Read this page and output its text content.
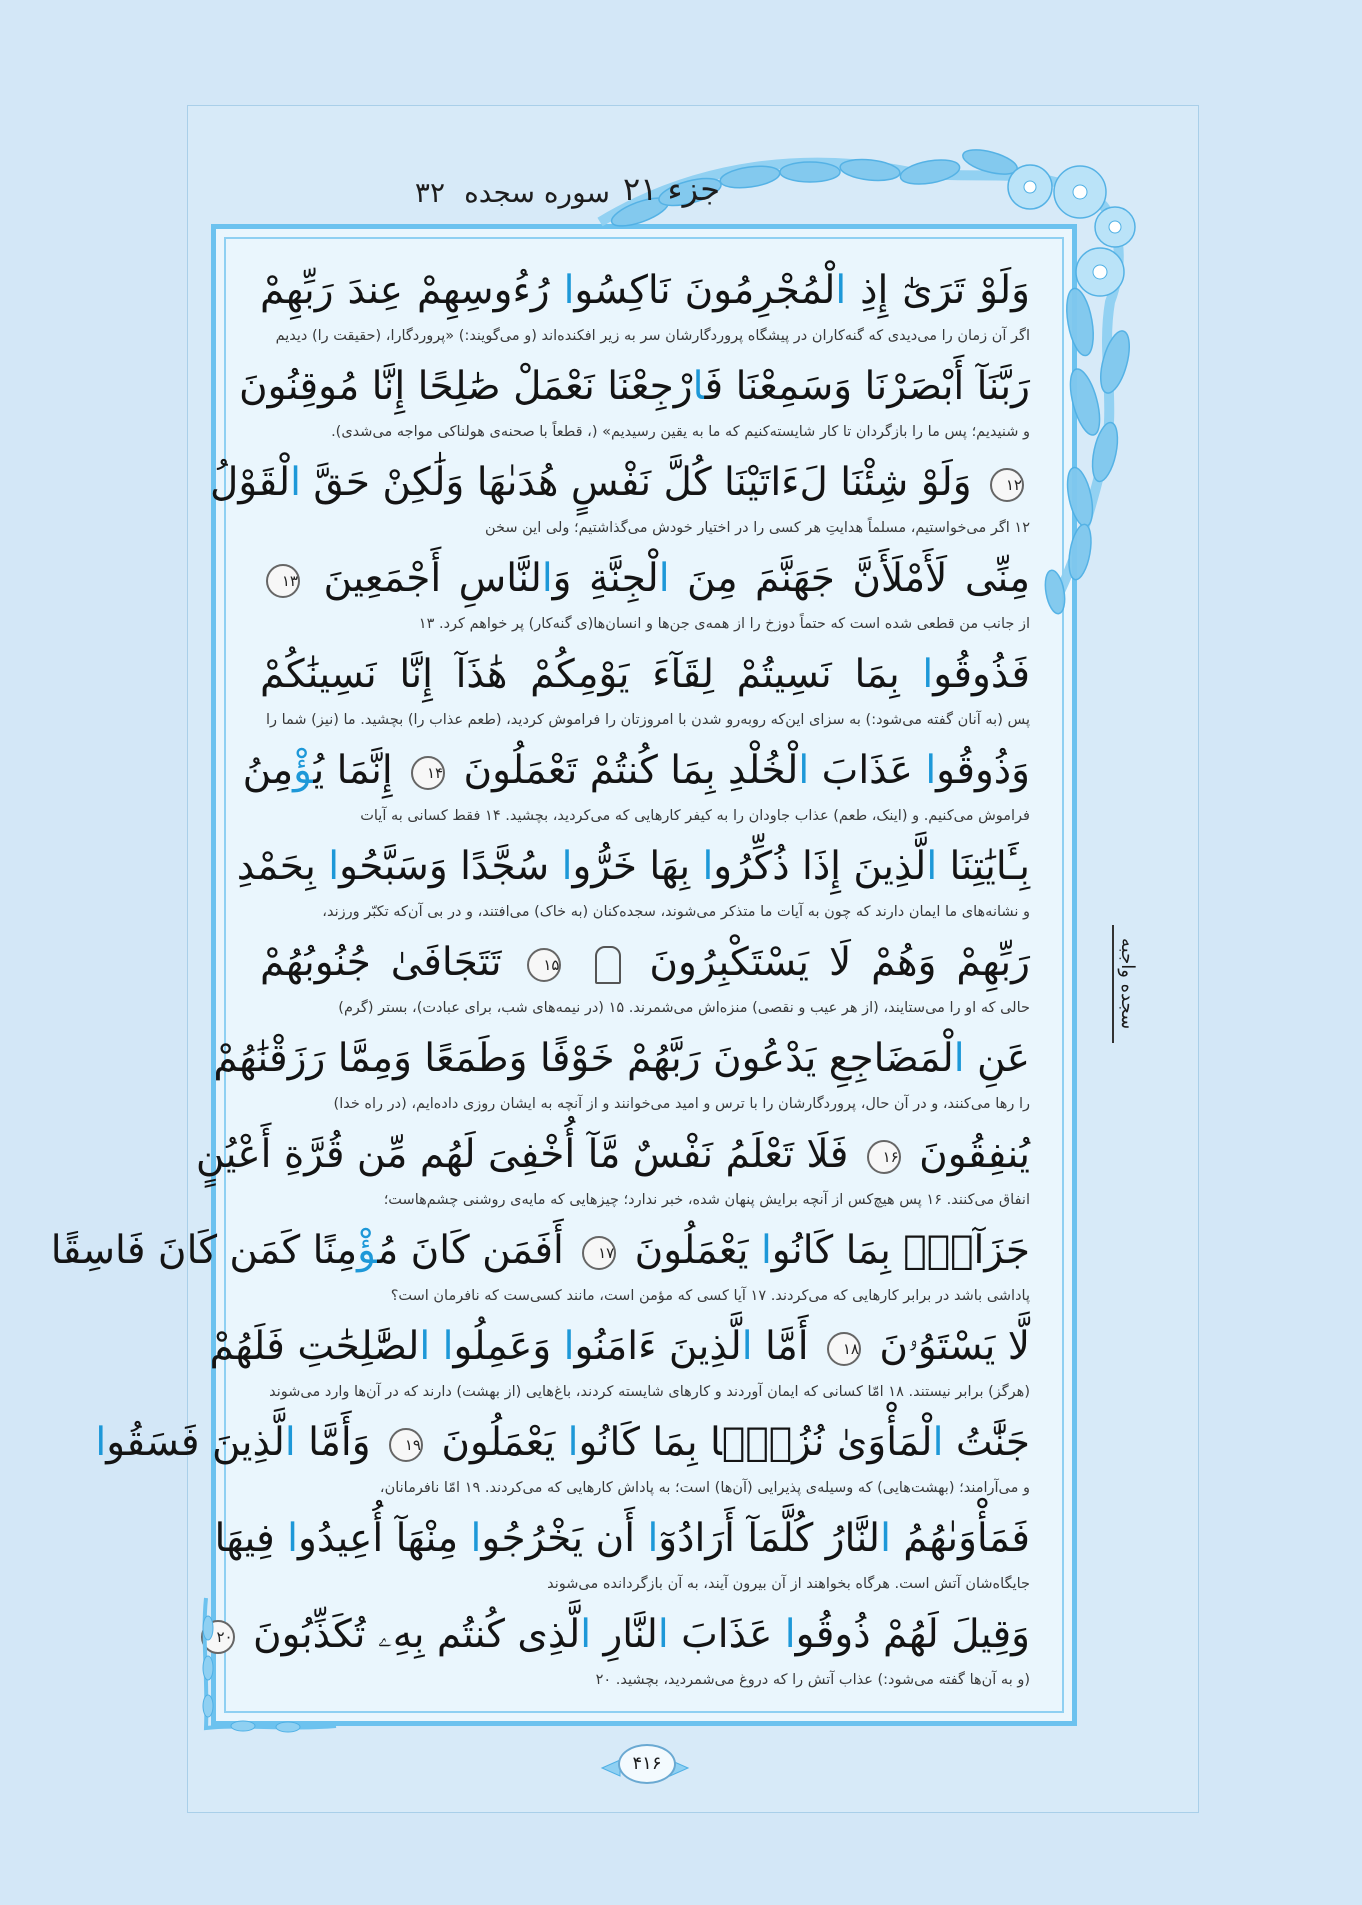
جزء ۲۱
سوره سجده
۳۲
وَلَوْ تَرَىٰٓ إِذِ الْمُجْرِمُونَ نَاكِسُوا رُءُوسِهِمْ عِندَ رَبِّهِمْ
اگر آن زمان را می‌دیدی که گنه‌کاران در پیشگاه پروردگارشان سر به زیر افکنده‌اند (و می‌گویند:) «پروردگارا، (حقیقت را) دیدیم
رَبَّنَآ أَبْصَرْنَا وَسَمِعْنَا فَارْجِعْنَا نَعْمَلْ صَٰلِحًا إِنَّا مُوقِنُونَ
و شنیدیم؛ پس ما را بازگردان تا کار شایسته‌کنیم که ما به یقین رسیدیم» (، قطعاً با صحنه‌ی هولناکی مواجه می‌شدی).
۱۲ وَلَوْ شِئْنَا لَءَاتَيْنَا كُلَّ نَفْسٍ هُدَىٰهَا وَلَٰكِنْ حَقَّ الْقَوْلُ
۱۲ اگر می‌خواستیم، مسلماً هدایتِ هر کسی را در اختیار خودش می‌گذاشتیم؛ ولی این سخن
مِنِّى لَأَمْلَأَنَّ جَهَنَّمَ مِنَ الْجِنَّةِ وَالنَّاسِ أَجْمَعِينَ ۱۳
از جانب من قطعی شده است که حتماً دوزخ را از همه‌ی جن‌ها و انسان‌ها(ی گنه‌کار) پر خواهم کرد. ۱۳
فَذُوقُوا بِمَا نَسِيتُمْ لِقَآءَ يَوْمِكُمْ هَٰذَآ إِنَّا نَسِينَٰكُمْ
پس (به آنان گفته می‌شود:) به سزای این‌که روبه‌رو شدن با امروزتان را فراموش کردید، (طعم عذاب را) بچشید. ما (نیز) شما را
وَذُوقُوا عَذَابَ الْخُلْدِ بِمَا كُنتُمْ تَعْمَلُونَ ۱۴ إِنَّمَا يُؤْمِنُ
فراموش می‌کنیم. و (اینک، طعم) عذاب جاودان را به کیفر کارهایی که می‌کردید، بچشید. ۱۴ فقط کسانی به آیات
بِـَٔايَٰتِنَا الَّذِينَ إِذَا ذُكِّرُوا بِهَا خَرُّوا سُجَّدًا وَسَبَّحُوا بِحَمْدِ
و نشانه‌های ما ایمان دارند که چون به آیات ما متذکر می‌شوند، سجده‌کنان (به خاک) می‌افتند، و در بی آن‌که تکبّر ورزند،
رَبِّهِمْ وَهُمْ لَا يَسْتَكْبِرُونَ  ۱۵ تَتَجَافَىٰ جُنُوبُهُمْ
حالی که او را می‌ستایند، (از هر عیب و نقصی) منزه‌اش می‌شمرند. ۱۵ (در نیمه‌های شب، برای عبادت)، بستر (گرم)
عَنِ الْمَضَاجِعِ يَدْعُونَ رَبَّهُمْ خَوْفًا وَطَمَعًا وَمِمَّا رَزَقْنَٰهُمْ
را رها می‌کنند، و در آن حال، پروردگارشان را با ترس و امید می‌خوانند و از آنچه به ایشان روزی داده‌ایم، (در راه خدا)
يُنفِقُونَ ۱۶ فَلَا تَعْلَمُ نَفْسٌ مَّآ أُخْفِىَ لَهُم مِّن قُرَّةِ أَعْيُنٍ
انفاق می‌کنند. ۱۶ پس هیچ‌کس از آنچه برایش پنهان شده، خبر ندارد؛ چیزهایی که مایه‌ی روشنی چشم‌هاست؛
جَزَآءًۢ بِمَا كَانُوا يَعْمَلُونَ ۱۷ أَفَمَن كَانَ مُؤْمِنًا كَمَن كَانَ فَاسِقًا
پاداشی باشد در برابر کارهایی که می‌کردند. ۱۷ آیا کسی که مؤمن است، مانند کسی‌ست که نافرمان است؟
لَّا يَسْتَوُۥنَ ۱۸ أَمَّا الَّذِينَ ءَامَنُوا وَعَمِلُوا الصَّٰلِحَٰتِ فَلَهُمْ
(هرگز) برابر نیستند. ۱۸ امّا کسانی که ایمان آوردند و کارهای شایسته کردند، باغ‌هایی (از بهشت) دارند که در آن‌ها وارد می‌شوند
جَنَّٰتُ الْمَأْوَىٰ نُزُلًۢا بِمَا كَانُوا يَعْمَلُونَ ۱۹ وَأَمَّا الَّذِينَ فَسَقُوا
و می‌آرامند؛ (بهشت‌هایی) که وسیله‌ی پذیرایی (آن‌ها) است؛ به پاداش کارهایی که می‌کردند. ۱۹ امّا نافرمانان،
فَمَأْوَىٰهُمُ النَّارُ كُلَّمَآ أَرَادُوٓا أَن يَخْرُجُوا مِنْهَآ أُعِيدُوا فِيهَا
جایگاه‌شان آتش است. هرگاه بخواهند از آن بیرون آیند، به آن بازگردانده می‌شوند
وَقِيلَ لَهُمْ ذُوقُوا عَذَابَ النَّارِ الَّذِى كُنتُم بِهِۦ تُكَذِّبُونَ ۲۰
(و به آن‌ها گفته می‌شود:) عذاب آتش را که دروغ می‌شمردید، بچشید. ۲۰
سجده واجبه
۴۱۶
